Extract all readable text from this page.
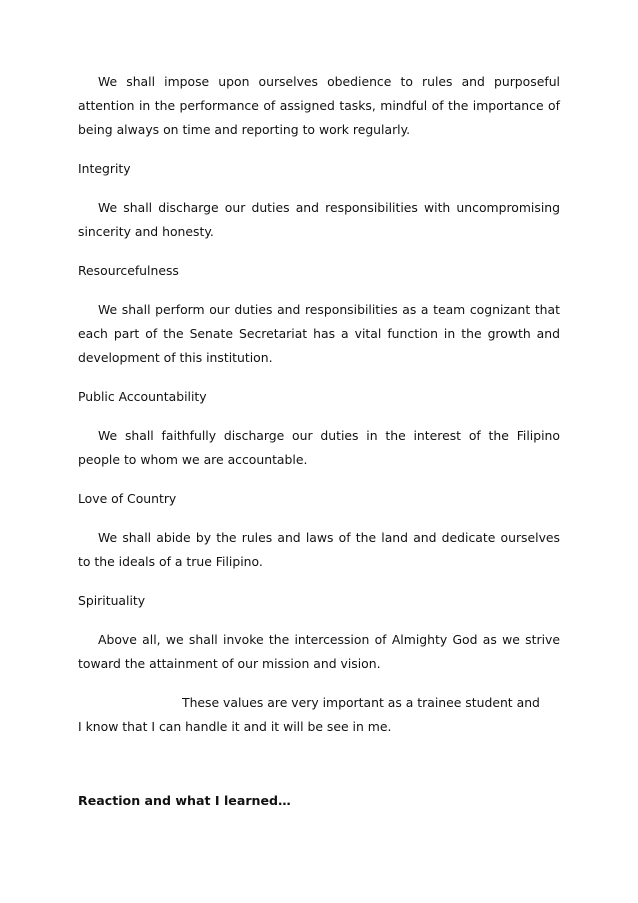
We shall impose upon ourselves obedience to rules and purposeful attention in the performance of assigned tasks, mindful of the importance of being always on time and reporting to work regularly.

Integrity

We shall discharge our duties and responsibilities with uncompromising sincerity and honesty.

Resourcefulness

We shall perform our duties and responsibilities as a team cognizant that each part of the Senate Secretariat has a vital function in the growth and development of this institution.

Public Accountability

We shall faithfully discharge our duties in the interest of the Filipino people to whom we are accountable.

Love of Country

We shall abide by the rules and laws of the land and dedicate ourselves to the ideals of a true Filipino.

Spirituality

Above all, we shall invoke the intercession of Almighty God as we strive toward the attainment of our mission and vision.

These values are very important as a trainee student and
I know that I can handle it and it will be see in me.

Reaction and what I learned…
